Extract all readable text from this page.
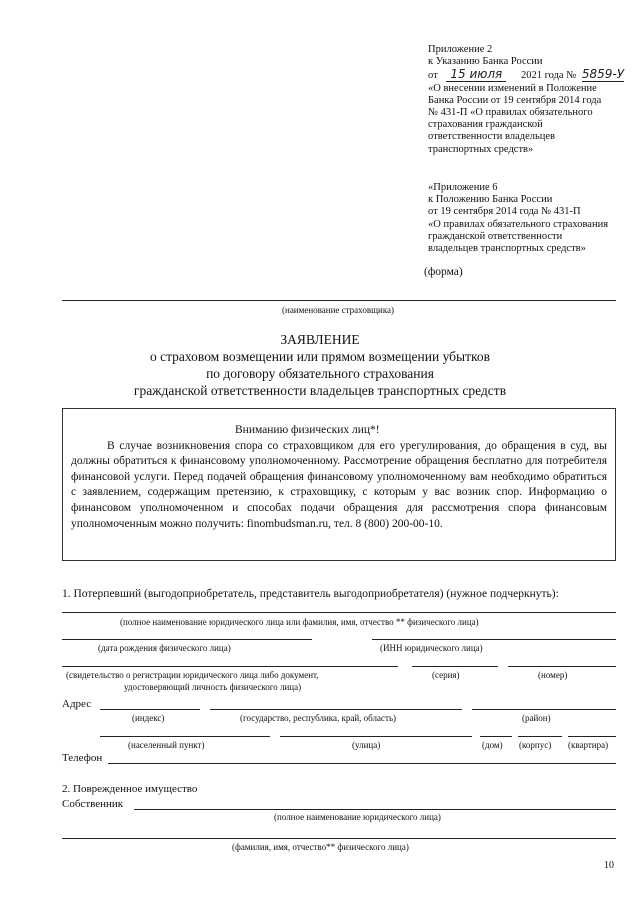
Приложение 2
к Указанию Банка России
от 15 июля 2021 года № 5859-У
«О внесении изменений в Положение
Банка России от 19 сентября 2014 года
№ 431-П «О правилах обязательного
страхования гражданской
ответственности владельцев
транспортных средств»
«Приложение 6
к Положению Банка России
от 19 сентября 2014 года № 431-П
«О правилах обязательного страхования
гражданской ответственности
владельцев транспортных средств»
(форма)
(наименование страховщика)
ЗАЯВЛЕНИЕ
о страховом возмещении или прямом возмещении убытков
по договору обязательного страхования
гражданской ответственности владельцев транспортных средств

Вниманию физических лиц*!

В случае возникновения спора со страховщиком для его урегулирования, до обращения в суд, вы должны обратиться к финансовому уполномоченному. Рассмотрение обращения бесплатно для потребителя финансовой услуги. Перед подачей обращения финансовому уполномоченному вам необходимо обратиться с заявлением, содержащим претензию, к страховщику, с которым у вас возник спор. Информацию о финансовом уполномоченном и способах подачи обращения для рассмотрения спора финансовым уполномоченным можно получить: finombudsman.ru, тел. 8 (800) 200-00-10.

1. Потерпевший (выгодоприобретатель, представитель выгодоприобретателя) (нужное подчеркнуть):
(полное наименование юридического лица или фамилия, имя, отчество ** физического лица)
(дата рождения физического лица)	(ИНН юридического лица)
(свидетельство о регистрации юридического лица либо документ,
удостоверяющий личность физического лица)
(серия)	(номер)
Адрес
(индекс)	(государство, республика, край, область)	(район)
(населенный пункт)	(улица)	(дом) (корпус) (квартира)
Телефон
2. Поврежденное имущество
Собственник
(полное наименование юридического лица)
(фамилия, имя, отчество** физического лица)
10
